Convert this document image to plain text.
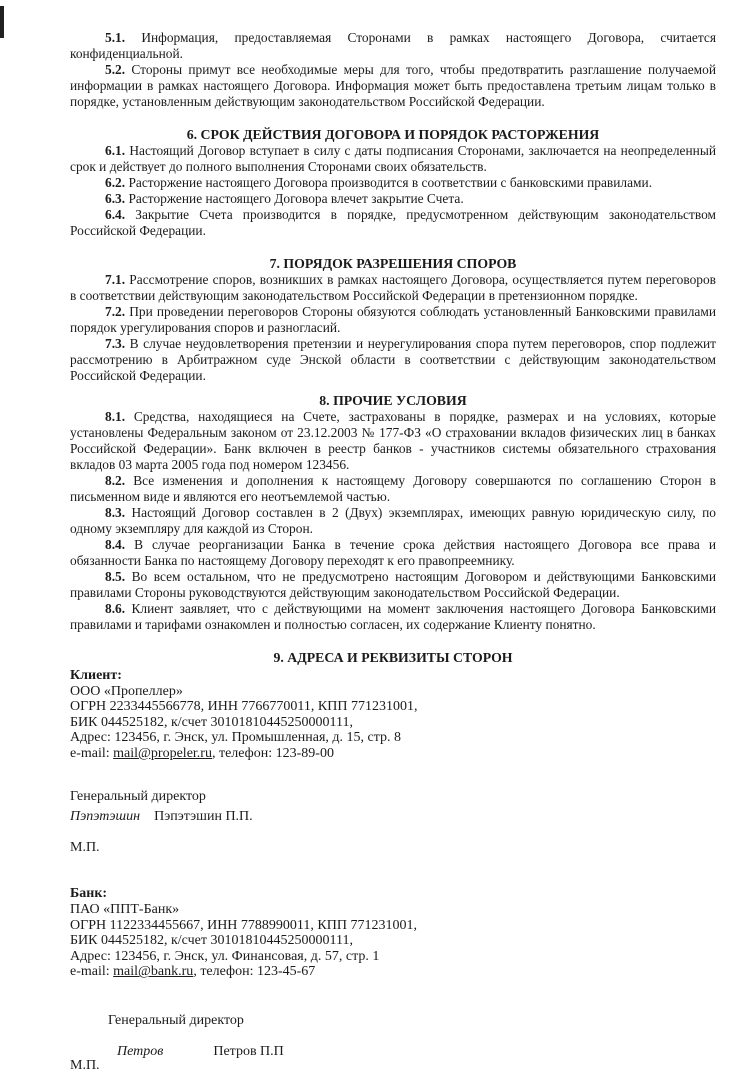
5.1. Информация, предоставляемая Сторонами в рамках настоящего Договора, считается конфиденциальной.

5.2. Стороны примут все необходимые меры для того, чтобы предотвратить разглашение получаемой информации в рамках настоящего Договора. Информация может быть предоставлена третьим лицам только в порядке, установленным действующим законодательством Российской Федерации.

6. СРОК ДЕЙСТВИЯ ДОГОВОРА И ПОРЯДОК РАСТОРЖЕНИЯ

6.1. Настоящий Договор вступает в силу с даты подписания Сторонами, заключается на неопределенный срок и действует до полного выполнения Сторонами своих обязательств.

6.2. Расторжение настоящего Договора производится в соответствии с банковскими правилами.

6.3. Расторжение настоящего Договора влечет закрытие Счета.

6.4. Закрытие Счета производится в порядке, предусмотренном действующим законодательством Российской Федерации.

7. ПОРЯДОК РАЗРЕШЕНИЯ СПОРОВ

7.1. Рассмотрение споров, возникших в рамках настоящего Договора, осуществляется путем переговоров в соответствии действующим законодательством Российской Федерации в претензионном порядке.

7.2. При проведении переговоров Стороны обязуются соблюдать установленный Банковскими правилами порядок урегулирования споров и разногласий.

7.3. В случае неудовлетворения претензии и неурегулирования спора путем переговоров, спор подлежит рассмотрению в Арбитражном суде Энской области в соответствии с действующим законодательством Российской Федерации.

8. ПРОЧИЕ УСЛОВИЯ

8.1. Средства, находящиеся на Счете, застрахованы в порядке, размерах и на условиях, которые установлены Федеральным законом от 23.12.2003 № 177-ФЗ «О страховании вкладов физических лиц в банках Российской Федерации». Банк включен в реестр банков - участников системы обязательного страхования вкладов 03 марта 2005 года под номером 123456.

8.2. Все изменения и дополнения к настоящему Договору совершаются по соглашению Сторон в письменном виде и являются его неотъемлемой частью.

8.3. Настоящий Договор составлен в 2 (Двух) экземплярах, имеющих равную юридическую силу, по одному экземпляру для каждой из Сторон.

8.4. В случае реорганизации Банка в течение срока действия настоящего Договора все права и обязанности Банка по настоящему Договору переходят к его правопреемнику.

8.5. Во всем остальном, что не предусмотрено настоящим Договором и действующими Банковскими правилами Стороны руководствуются действующим законодательством Российской Федерации.

8.6. Клиент заявляет, что с действующими на момент заключения настоящего Договора Банковскими правилами и тарифами ознакомлен и полностью согласен, их содержание Клиенту понятно.

9. АДРЕСА И РЕКВИЗИТЫ СТОРОН
Клиент:
ООО «Пропеллер»
ОГРН 2233445566778, ИНН 7766770011, КПП 771231001,
БИК 044525182, к/счет 30101810445250000111,
Адрес: 123456, г. Энск, ул. Промышленная, д. 15, стр. 8
e-mail: mail@propeler.ru, телефон: 123-89-00
Генеральный директор
Пэпэтэшин Пэпэтэшин П.П.
М.П.
Банк:
ПАО «ППТ-Банк»
ОГРН 1122334455667, ИНН 7788990011, КПП 771231001,
БИК 044525182, к/счет 30101810445250000111,
Адрес: 123456, г. Энск, ул. Финансовая, д. 57, стр. 1
e-mail: mail@bank.ru, телефон: 123-45-67
Генеральный директор
Петров	Петров П.П
М.П.
